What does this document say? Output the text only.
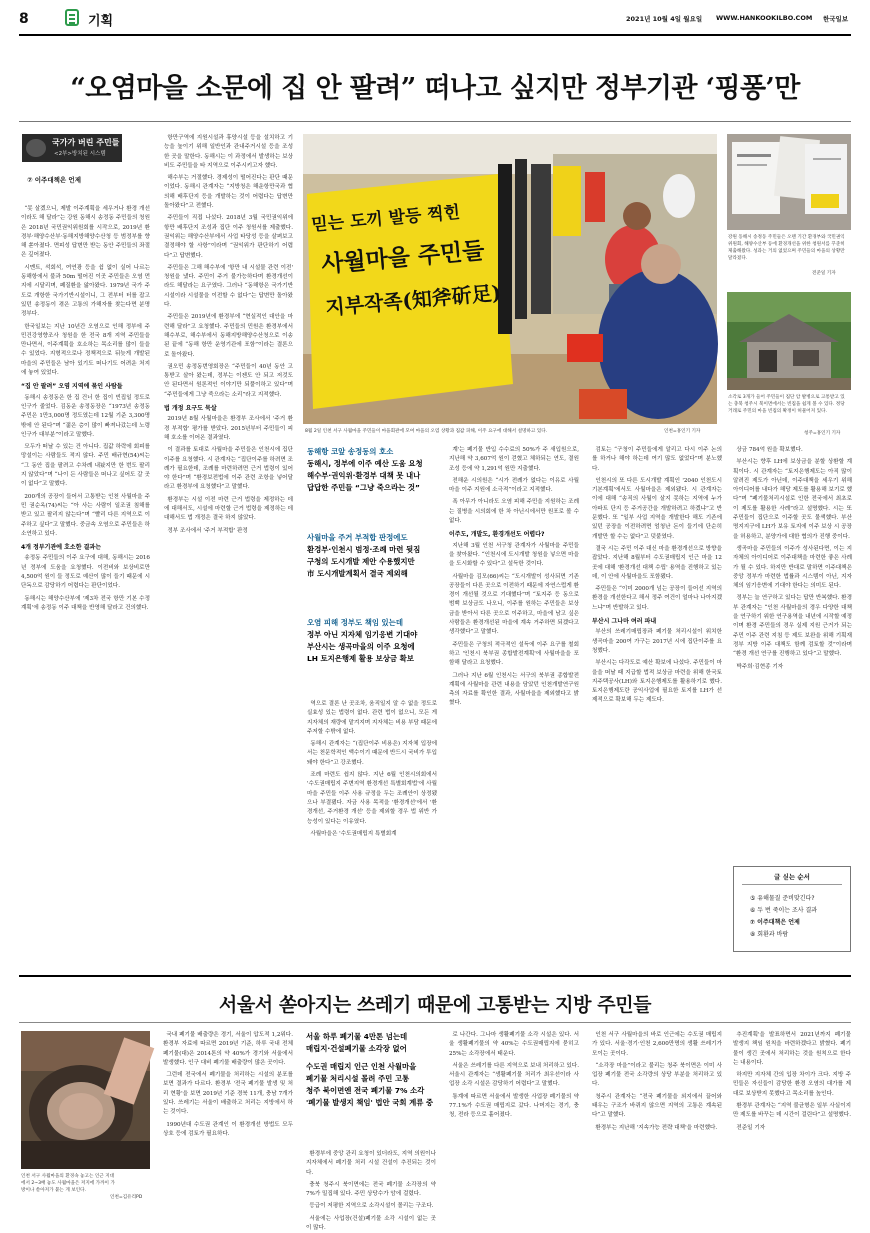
8	기획	2021년 10월 4일 월요일 WWW.HANKOOKILBO.COM 한국일보
“오염마을 소문에 집 안 팔려” 떠나고 싶지만 정부기관 ‘핑퐁’만
국가가 버린 주민들
<2부>방치된 시스템
⑦ 이주대책은 언제

“못 살겠으니, 제발 이주계획을 세우거나 환경 개선이라도 해 달라”는 강원 동해시 송정동 주민들의 청원은 2018년 국민권익위원회를 시작으로, 2019년 환경부·해양수산부·동해지방해양수산청 등 범정부를 향해 쏟아졌다. 면피성 답변만 받는 동안 주민들의 좌절은 깊어졌다.

시멘트, 석회석, 여연광 등을 쉼 없이 실어 나르는 동해항에서 불과 50m 떨어진 이곳 주민들은 오염 먼지에 시달리며, 폐질환을 앓아왔다. 1979년 국가 주도로 개항한 국가기반시설이니, 그 전부터 터를 잡고 있던 송정동이 겪은 고통의 가해자를 찾는다면 분명 정부다.

한국일보는 지난 10년간 오염으로 인해 정부에 주민건강영향조사 청원을 한 전국 8개 지역 주민들을 만나면서, 이주계획을 호소하는 목소리를 많이 들을 수 있었다. 지형적으로나 정책적으로 뒤늦게 개발된 마을의 주민들은 남아 있기도 떠나기도 어려운 처지에 놓여 있었다.

“집 안 팔려” 오염 지역에 묶인 사람들

동해시 송정동은 한 집 건너 한 집이 빈집일 정도로 인구가 줄었다. 김동운 송정동장은 “1973년 송정동 주민은 1만3,000명 정도였는데 12월 기준 3,300명밖에 안 된다”며 “젊은 층이 많이 빠져나갔는데 노령인구가 대부분”이라고 말했다.

모두가 떠날 수 있는 건 아니다. 집값 하락에 회피를 망설이는 사람들도 적지 않다. 주민 배규현(54)씨는 “그 동안 집을 팔려고 수차례 내놨지만 한 번도 팔리지 않았다”며 “나이 든 사람들은 떠나고 싶어도 갈 곳이 없다”고 말했다.

200개의 공장이 들어서 고통받는 인천 사월마을 주민 권순옥(74)씨는 “아 사는 사람이 일조권 침해를 받고 있고 팔리지 않는다”며 “빨리 다른 지역으로 이주하고 싶다”고 말했다. 중금속 오염으로 주민들은 하소연하고 있다.

4개 정부기관에 호소한 결과는

송정동 주민들의 이주 요구에 대해, 동해시는 2016년 정부에 도움을 요청했다. 이전비와 보상비로만 4,500억 원이 들 정도로 예산이 많이 들기 때문에 시 단독으로 감당하기 어렵다는 판단이었다.

동해시는 해양수산부에 '제3차 전국 항만 기본 수정계획'에 송정동 이주 대책을 반영해 달라고 건의했다.

항만구역에 지원시설과 휴양시설 등을 설치하고 기능을 높이기 위해 일반인과 관내주거시설 등을 조성한 곳을 말한다. 동해시는 이 과정에서 발생하는 보상비도 주민들을 타 지역으로 이주시키고자 했다.

해수부는 거절했다. 경제성이 떨어진다는 판단 때문이었다. 동해시 관계자는 “지방청은 해운항만국과 협의해 배후단지 등을 개발하는 것이 어렵다는 답변만 돌아왔다”고 전했다.

주민들이 직접 나섰다. 2018년 3월 국민권익위에 항만 배후단지 조성과 집단 이주 청원서를 제출했다. 권익위는 해양수산부에서 사업 타당성 등을 살펴보고 결정해야 할 사항”이라며 “권익위가 판단하기 어렵다”고 답변했다.

주민들은 그해 해수부에 '항만 내 시설물 관련 이전' 청원을 냈다. 주민이 주거 불가능하다며 환경개선이라도 해달라는 요구였다. 그러나 “동해항은 국가기반시설이라 시설물을 이전할 수 없다”는 답변만 돌아왔다.

주민들은 2019년에 환경부에 “현실적인 대안을 마련해 달라”고 요청했다. 주민들의 민원은 환경부에서 해수부로, 해수부에서 동해지방해양수산청으로 이송된 끝에 “동해 항만 운영기관에 포함”이라는 결론으로 돌아왔다.

권오민 송정동번영회장은 “주민들이 40년 동안 고통받고 살아 왔는데, 정부는 이젠도 안 되고 저것도 안 된다면서 원론적인 이야기만 되풀이하고 있다”며 “주민들에게 그냥 죽으라는 소리”라고 지적했다.

법 개정 요구도 묵살

2019년 8월 사월마을은 환경부 조사에서 '주거 환경 부적합' 평가를 받았다. 2015년부터 주민들이 피해 호소를 이어온 결과였다.

이 결과를 토대로 사월마을 주민들은 인천시에 집단이주를 요청했다. 시 관계자는 “집단이주를 하려면 조례가 필요한데, 조례를 마련하려면 근거 법령이 있어야 한다”며 “환경보전법에 이주 관련 조항을 넣어달라고 환경부에 요청했다”고 말했다.

환경부는 시설 이전 마련 근거 법령을 제정하는 데에 대해서도, 시설에 마련할 근거 법령을 제정하는 데 대해서도 법 개정은 결국 하지 않았다.

정부 조사에서 '주거 부적합' 판정

믿는 도끼 발등 찍힌
사월마을 주민들
지부작족(知斧斫足)
8월 2일 인천 서구 사월마을 주민들이 마을회관에 모여 마을의 오염 상황과 집값 피해, 이주 요구에 대해서 설명하고 있다.	인천=홍인기 기자
강원 동해시 송정동 주민들은 오랜 기간 환경부와 국민권익위원회, 해양수산부 등에 환경개선을 위한 청원서를 꾸준히 제출해왔다. 성과는 거의 없었으며 주민들의 마을의 상황만 달라졌다.
전준일 기자
소각로 3개가 들어 주민들이 집단 암 발병으로 고통받고 있는 충북 청주시 북이면에서는 빈집을 쉽게 볼 수 있다. 정당거래로 주민의 마을 빈집의 확정이 허물어져 있다.
청주=홍인기 기자
동해항 코앞 송정동의 호소
동해시, 정부에 이주 예산 도움 요청
해수부·권익위·환경부 대책 못 내나
답답한 주민들 “그냥 죽으라는 것”
사월마을 주거 부적합 판정에도
환경부·인천시 범정·조례 마련 뒷짐
구청의 도시개발 제안 수용했지만
市 도시개발계획서 결국 제외해
오염 피해 정부도 책임 있는데
정부 아닌 지자체 임기응변 기대야
부산시는 생곡마을의 이주 요청에
LH 토지은행제 활용 보상금 확보

역으로 결론 난 곳조차, 움직일지 알 수 없을 정도로 실효성 있는 법령이 없다. 관련 법이 없으니, 모든 게 지자체의 재량에 맡겨지며 지자체는 비용 부담 때문에 주저할 수밖에 없다.

동해시 관계자는 “(집단이주 비용은) 지자체 입장에서는 천문학적인 액수이기 때문에 반드시 국비가 투입돼야 한다”고 강조했다.

조례 마련도 쉽지 않다. 지난 6월 인천시의회에서 '수도권매립지 주변지역 환경개선 특별회계법'에 사월마을 주민들 이주 사용 규정을 두는 조례안이 상정됐으나 부결됐다. 자금 사용 목적을 '환경개선'에서 '환경개선, 주거환경 개선' 등을 제외할 경우 법 위반 가능성이 있다는 이유였다.

사월마을은 '수도권매립지 특별회계

계'는 폐기물 반입 수수료의 50%가 주 새입원으로, 지난해 약 3,607억 원이 걷혔고 체하되는 연도, 결원 조성 등에 약 1,291억 원만 지출했다.

전해운 시의원은 “시가 전례가 없다는 이유로 사월마을 이주 지원에 소극적”이라고 지적했다.

폭 아무가 아니라도 오염 피해 주민을 지원하는 조례는 질병을 시의회에 한 차 아닌시에서만 원포로 볼 수 없다.

이주도, 개발도, 환경개선도 어렵다?

지난해 3월 인천 서구청 관계자가 사월마을 주민들을 찾아왔다. “인천시에 도시개발 청원을 넣으면 마을을 도시화할 수 있다”고 설득한 것이다.

사월마을 김모(66)씨는 “도시개발이 성사되면 기존 공장들이 다른 곳으로 이전하기 때문에 자연스럽게 환경이 개선될 것으로 기대했다”며 “토지주 등 동으로 범백 보상금도 나오니, 이주를 원하는 주민들은 보상금을 받아서 다른 곳으로 이주하고, 마을에 남고 싶은 사람들은 환경개선된 마을에 계속 거주하면 되겠다고 생각했다”고 말했다.

주민들은 구청의 적극적인 설득에 이주 요구를 철회하고 '인천시 북부권 종합발전계획'에 사월마을을 포함해 달라고 요청했다.

그러나 지난 6월 인천시는 서구의 북부권 종합발전계획에 사월마을 관련 내용을 담았던 인천개발연구원 측의 자료를 확인한 결과, 사월마을을 제외했다고 밝혔다.

검토는 “구청이 주민들에게 알리고 다시 이주 논의를 하거나 해야 하는데 여기 많도 없었다”며 분노했다.

인천시의 또 다른 도시개발 계획인 '2040 인천도시기본계획'에서도 사월마을은 제외됐다. 시 관계자는 이에 대해 “송직의 사월이 살지 못하는 지역에 누가 아파트 단지 등 주거공간을 개발하려고 하겠냐”고 반문했다. 또 “일부 사업 지역을 개발한다 해도 기존에 있던 공장을 이전하려면 엄청난 돈이 들기에 단순히 개발만 할 수는 없다”고 덧붙였다.

결국 시는 주민 이주 대신 마을 환경개선으로 방향을 잡았다. 지난해 8월부터 수도권매립지 인근 마을 12곳에 대해 '환경개선 대책 수립' 용역을 진행하고 있는데, 이 안에 사월마을도 포함됐다.

주민들은 “이미 2000개 넘는 공장이 들어선 지역의 환경을 개선한다고 해서 정주 여건이 얼마나 나아지겠느냐”며 반발하고 있다.

부산시 그나마 여러 파내

부산의 쓰레기매립장과 폐기물 처리시설이 위치한 생곡마을 200여 가구는 2017년 시에 집단이주를 요청했다.

부산시는 다각도로 예산 확보에 나섰다. 주민들이 마을을 떠날 때 지급할 법적 보상금 마련을 위해 한국토지주택공사(LH)와 토지은행제도를 활용하기로 했다. 토지은행제도란 공익사업에 필요한 토지를 LH가 선제적으로 확보해 두는 제도다.

상금 784억 원을 확보했다.

부산시는 향후 LH에 보상금을 분할 상환할 계획이다. 시 관계자는 “토지은행제도는 아직 많이 알려진 제도가 아닌데, 이주대책을 세우기 위해 아이디어를 내다가 해당 제도를 활용해 보기로 했다”며 “폐기물처리시설로 인한 전국에서 최초로 이 제도를 활용한 사례”라고 설명했다. 시는 또 주민들이 집단으로 이주할 곳도 물색했다. 부산 명지지구에 LH가 보유 토지에 이주 보상 시 공장을 허용하고, 분양가에 대한 협의가 진행 중이다.

생곡마을 주민들의 이주가 성사된다면, 이는 지자체의 아이디어로 이주대책을 마련한 좋은 사례가 될 수 있다. 하지만 반대로 말하면 이주대책은 중앙 정부가 마련한 법률과 시스템이 아닌, 지자체의 임기응변에 기대야 한다는 의미도 된다.

정부는 늘 연구하고 있다는 답만 반복했다. 환경부 관계자는 “인천 사월마을의 경우 다양한 대책을 연구하기 위한 연구용역을 내년에 시작할 예정이며 환경 주민들의 경우 실제 지원 근거가 되는 주민 이주 관련 지침 등 제도 보완을 위해 기획재정부 지방 이주 대책도 함께 검토할 것”이라며 “환경 개선 연구를 진행하고 있다”고 말했다.

박주희·김현종 기자

글 싣는 순서
⑤ 유해물질 준비맞긴다?
⑥ 두 번 죽이는 조사 결과
⑦ 이주대책은 언제
⑧ 회환과 바람
서울서 쏟아지는 쓰레기 때문에 고통받는 지방 주민들
인천 서구 사월마을의 환경속 놓고는 인근 지대에서 2~3배 놓도 사월마을은 저지에 가까이 가방이나 쏟아져가 붙는 게 보인다.
인천=김유리PD

국내 폐기물 배출량은 경기, 서울이 압도적 1,2위다. 환경부 자료에 따르면 2019년 기준, 하루 국내 전체 폐기물(대)은 2014톤의 약 40%가 경기와 서울에서 발생했다. 인구 대비 폐기물 배출량이 많은 곳이다.

그런데 전국에서 폐기물을 처리하는 시설의 분포를 보면 결과가 다르다. 환경부 '전국 폐기물 발생 및 처리 현황'을 보면 2019년 기준 경북 11개, 충남 7개가 있다. 쓰레기는 서울이 배출하고 처리는 지방에서 하는 것이다.

1990년대 수도권 관계인 이 환경개선 방법도 모두 상호 등에 검토가 필요하다.

서울 하루 폐기물 4만톤 넘는데
매립지·건설폐기물 소각장 없어
수도권 매립지 인근 인천 사월마을
폐기물 처리시설 몰려 주민 고통
청주 북이면엔 전국 폐기물 7% 소각
'폐기물 발생지 책임' 법안 국회 계류 중

환경부에 중앙 관리 요청이 있더라도, 지역 의원이나 지자체에서 폐기물 처리 시설 건설이 추진되는 것이다.

충북 청주시 북이면에는 전국 폐기물 소각장의 약 7%가 밀집해 있다. 주민 상당수가 암에 걸렸다.

등급이 저평한 지역으로 소각시설이 몰리는 구조다.

서울에는 사업장(건설)폐기물 소각 시설이 없는 곳이 많다.

로 나간다. 그나마 생활폐기물 소각 시설은 있다. 서울 생활폐기물의 약 40%는 수도권매립지에 묻히고 25%는 소각장에서 태운다.

서울은 쓰레기를 다른 지역으로 보내 처리하고 있다. 서울시 관계자는 “생활폐기물 처리가 최우선이라 사업장 소각 시설은 감당하기 어렵다”고 말했다.

통계에 따르면 서울에서 발생한 사업장 폐기물의 약 77.1%가 수도권 매립지로 갔다. 나머지는 경기, 충청, 전라 등으로 흩어졌다.

인천 서구 사월마을의 바로 인근에는 수도권 매립지가 있다. 서울·경기·인천 2,600만명의 생활 쓰레기가 모이는 곳이다.

“소각장 마을”이라고 불리는 청주 북이면은 이미 사업장 폐기물 전국 소각량의 상당 부분을 처리하고 있다.

청주시 관계자는 “전국 폐기물을 외지에서 끌어와 태우는 구조가 바뀌지 않으면 지역의 고통은 계속된다”고 말했다.

환경부는 지난해 '지속가능 전략 대책'을 마련했다.

추진계획'을 발표하면서 2021년까지 폐기물 발생지 책임 원칙을 마련하겠다고 밝혔다. 폐기물이 생긴 곳에서 처리하는 것을 원칙으로 한다는 내용이다.

하지만 지자체 간의 입장 차이가 크다. 지방 주민들은 자신들이 감당한 환경 오염의 대가를 제대로 보상받지 못했다고 목소리를 높인다.

환경부 관계자는 “지역 불균형은 일부 사실이지만 제도를 바꾸는 데 시간이 걸린다”고 설명했다.

전준일 기자
